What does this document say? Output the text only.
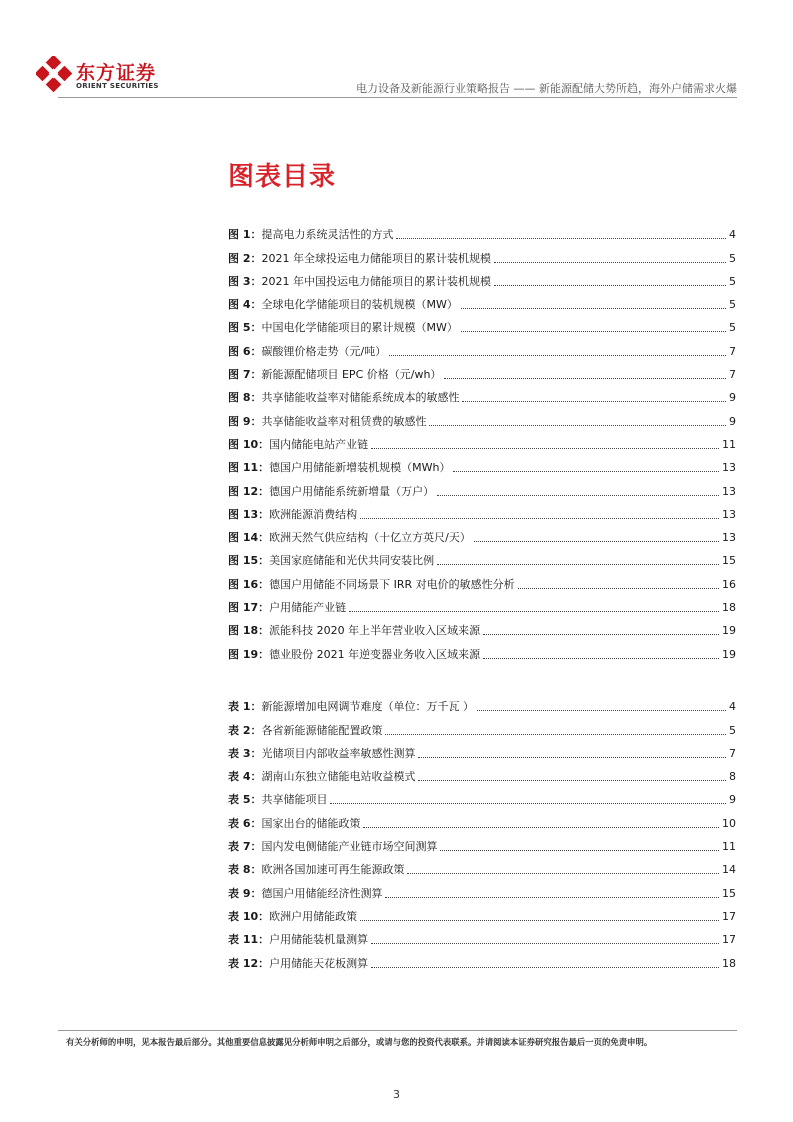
东方证券
ORIENT SECURITIES	电力设备及新能源行业策略报告 —— 新能源配储大势所趋，海外户储需求火爆
图表目录
图 1：提高电力系统灵活性的方式	4
图 2：2021 年全球投运电力储能项目的累计装机规模	5
图 3：2021 年中国投运电力储能项目的累计装机规模	5
图 4：全球电化学储能项目的装机规模（MW）	5
图 5：中国电化学储能项目的累计规模（MW）	5
图 6：碳酸锂价格走势（元/吨）	7
图 7：新能源配储项目 EPC 价格（元/wh）	7
图 8：共享储能收益率对储能系统成本的敏感性	9
图 9：共享储能收益率对租赁费的敏感性	9
图 10：国内储能电站产业链	11
图 11：德国户用储能新增装机规模（MWh）	13
图 12：德国户用储能系统新增量（万户）	13
图 13：欧洲能源消费结构	13
图 14：欧洲天然气供应结构（十亿立方英尺/天）	13
图 15：美国家庭储能和光伏共同安装比例	15
图 16：德国户用储能不同场景下 IRR 对电价的敏感性分析	16
图 17：户用储能产业链	18
图 18：派能科技 2020 年上半年营业收入区域来源	19
图 19：德业股份 2021 年逆变器业务收入区域来源	19
表 1：新能源增加电网调节难度（单位：万千瓦 ）	4
表 2：各省新能源储能配置政策	5
表 3：光储项目内部收益率敏感性测算	7
表 4：湖南山东独立储能电站收益模式	8
表 5：共享储能项目	9
表 6：国家出台的储能政策	10
表 7：国内发电侧储能产业链市场空间测算	11
表 8：欧洲各国加速可再生能源政策	14
表 9：德国户用储能经济性测算	15
表 10：欧洲户用储能政策	17
表 11：户用储能装机量测算	17
表 12：户用储能天花板测算	18
有关分析师的申明，见本报告最后部分。其他重要信息披露见分析师申明之后部分，或请与您的投资代表联系。并请阅读本证券研究报告最后一页的免责申明。
3
